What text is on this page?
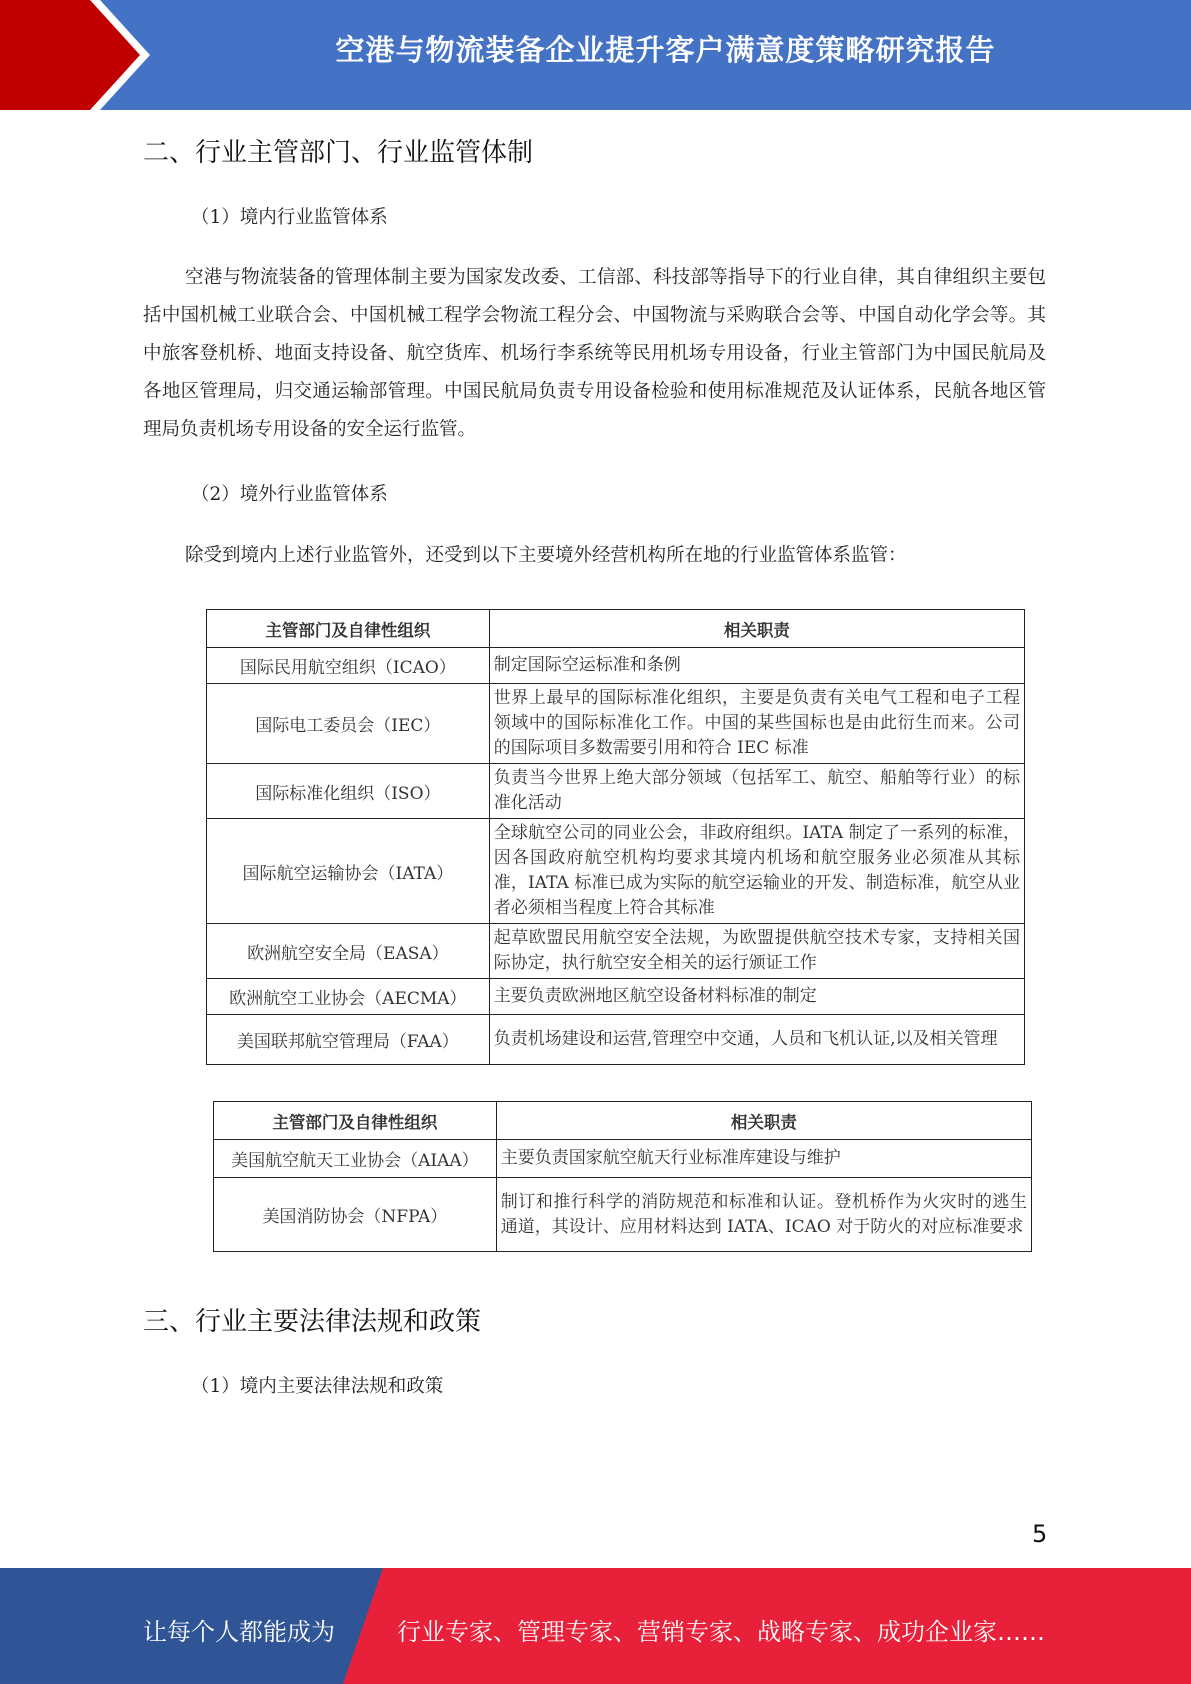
空港与物流装备企业提升客户满意度策略研究报告
二、行业主管部门、行业监管体制
（1）境内行业监管体系

空港与物流装备的管理体制主要为国家发改委、工信部、科技部等指导下的行业自律，其自律组织主要包括中国机械工业联合会、中国机械工程学会物流工程分会、中国物流与采购联合会等、中国自动化学会等。其中旅客登机桥、地面支持设备、航空货库、机场行李系统等民用机场专用设备，行业主管部门为中国民航局及各地区管理局，归交通运输部管理。中国民航局负责专用设备检验和使用标准规范及认证体系，民航各地区管理局负责机场专用设备的安全运行监管。

（2）境外行业监管体系
除受到境内上述行业监管外，还受到以下主要境外经营机构所在地的行业监管体系监管：
主管部门及自律性组织	相关职责
国际民用航空组织（ICAO）	制定国际空运标准和条例
国际电工委员会（IEC）	世界上最早的国际标准化组织，主要是负责有关电气工程和电子工程领域中的国际标准化工作。中国的某些国标也是由此衍生而来。公司的国际项目多数需要引用和符合 IEC 标准
国际标准化组织（ISO）	负责当今世界上绝大部分领域（包括军工、航空、船舶等行业）的标准化活动
国际航空运输协会（IATA）	全球航空公司的同业公会，非政府组织。IATA 制定了一系列的标准，因各国政府航空机构均要求其境内机场和航空服务业必须准从其标准，IATA 标准已成为实际的航空运输业的开发、制造标准，航空从业者必须相当程度上符合其标准
欧洲航空安全局（EASA）	起草欧盟民用航空安全法规，为欧盟提供航空技术专家，支持相关国际协定，执行航空安全相关的运行颁证工作
欧洲航空工业协会（AECMA）	主要负责欧洲地区航空设备材料标准的制定
美国联邦航空管理局（FAA）	负责机场建设和运营,管理空中交通，人员和飞机认证,以及相关管理
主管部门及自律性组织	相关职责
美国航空航天工业协会（AIAA）	主要负责国家航空航天行业标准库建设与维护
美国消防协会（NFPA）	制订和推行科学的消防规范和标准和认证。登机桥作为火灾时的逃生通道，其设计、应用材料达到 IATA、ICAO 对于防火的对应标准要求
三、行业主要法律法规和政策
（1）境内主要法律法规和政策
5
让每个人都能成为	行业专家、管理专家、营销专家、战略专家、成功企业家……
